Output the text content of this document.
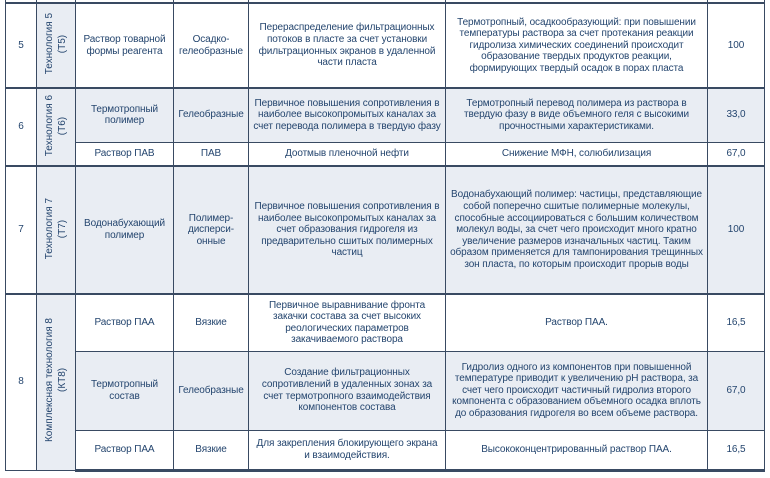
5	Технология 5 (Т5)	Раствор товарной формы реагента	Осадко-гелеобразные	Перераспределение фильтрационных потоков в пласте за счет установки фильтрационных экранов в удаленной части пласта	Термотропный, осадкообразующий: при повышении температуры раствора за счет протекания реакции гидролиза химических соединений происходит образование твердых продуктов реакции, формирующих твердый осадок в порах пласта	100
6	Технология 6 (Т6)	Термотропный полимер	Гелеобразные	Первичное повышения сопротивления в наиболее высокопромытых каналах за счет перевода полимера в твердую фазу	Термотропный перевод полимера из раствора в твердую фазу в виде объемного геля с высокими прочностными характеристиками.	33,0
		Раствор ПАВ	ПАВ	Доотмыв пленочной нефти	Снижение МФН, солюбилизация	67,0
7	Технология 7 (Т7)	Водонабухающий полимер	Полимер-дисперсионные	Первичное повышения сопротивления в наиболее высокопромытых каналах за счет образования гидрогеля из предварительно сшитых полимерных частиц	Водонабухающий полимер: частицы, представляющие собой поперечно сшитые полимерные молекулы, способные ассоциироваться с большим количеством молекул воды, за счет чего происходит много кратно увеличение размеров изначальных частиц. Таким образом применяется для тампонирования трещинных зон пласта, по которым происходит прорыв воды	100
8	Комплексная технология 8 (КТ8)	Раствор ПАА	Вязкие	Первичное выравнивание фронта закачки состава за счет высоких реологических параметров закачиваемого раствора	Раствор ПАА.	16,5
		Термотропный состав	Гелеобразные	Создание фильтрационных сопротивлений в удаленных зонах за счет термотропного взаимодействия компонентов состава	Гидролиз одного из компонентов при повышенной температуре приводит к увеличению pH раствора, за счет чего происходит частичный гидролиз второго компонента с образованием объемного осадка вплоть до образования гидрогеля во всем объеме раствора.	67,0
		Раствор ПАА	Вязкие	Для закрепления блокирующего экрана и взаимодействия.	Высококонцентрированный раствор ПАА.	16,5
